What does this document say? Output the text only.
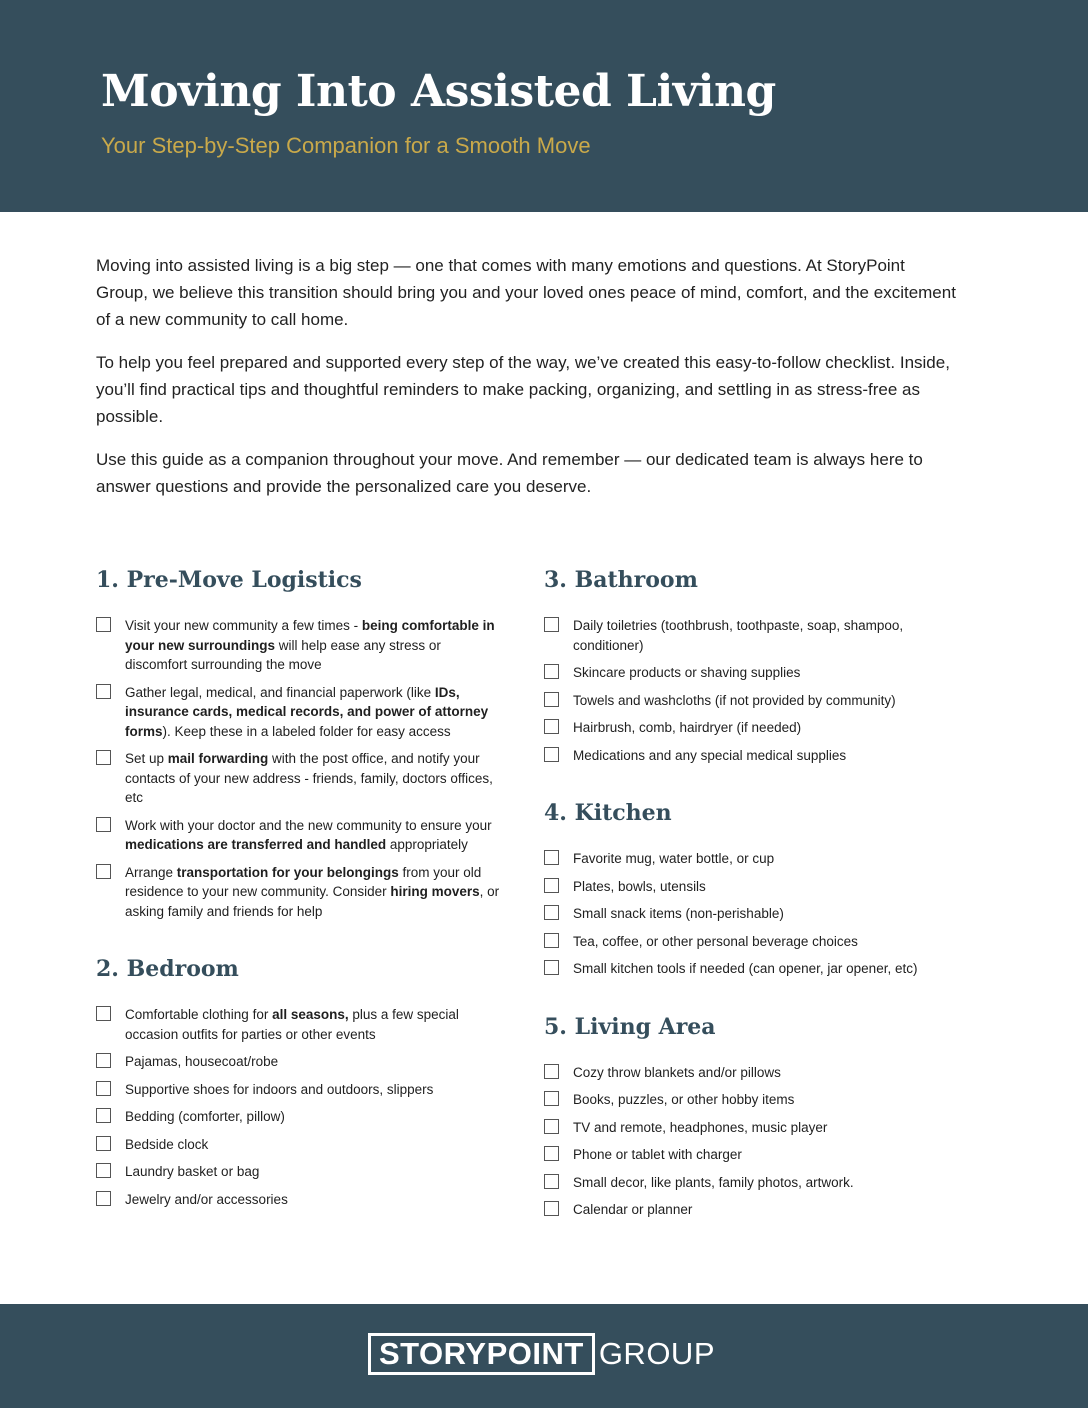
Moving Into Assisted Living

Your Step-by-Step Companion for a Smooth Move

Moving into assisted living is a big step — one that comes with many emotions and questions. At StoryPoint Group, we believe this transition should bring you and your loved ones peace of mind, comfort, and the excitement of a new community to call home.

To help you feel prepared and supported every step of the way, we’ve created this easy-to-follow checklist. Inside, you’ll find practical tips and thoughtful reminders to make packing, organizing, and settling in as stress-free as possible.

Use this guide as a companion throughout your move. And remember — our dedicated team is always here to answer questions and provide the personalized care you deserve.

1. Pre-Move Logistics
Visit your new community a few times - being comfortable in your new surroundings will help ease any stress or discomfort surrounding the move
Gather legal, medical, and financial paperwork (like IDs, insurance cards, medical records, and power of attorney forms). Keep these in a labeled folder for easy access
Set up mail forwarding with the post office, and notify your contacts of your new address - friends, family, doctors offices, etc
Work with your doctor and the new community to ensure your medications are transferred and handled appropriately
Arrange transportation for your belongings from your old residence to your new community. Consider hiring movers, or asking family and friends for help
2. Bedroom
Comfortable clothing for all seasons, plus a few special occasion outfits for parties or other events
Pajamas, housecoat/robe
Supportive shoes for indoors and outdoors, slippers
Bedding (comforter, pillow)
Bedside clock
Laundry basket or bag
Jewelry and/or accessories
3. Bathroom
Daily toiletries (toothbrush, toothpaste, soap, shampoo, conditioner)
Skincare products or shaving supplies
Towels and washcloths (if not provided by community)
Hairbrush, comb, hairdryer (if needed)
Medications and any special medical supplies
4. Kitchen
Favorite mug, water bottle, or cup
Plates, bowls, utensils
Small snack items (non-perishable)
Tea, coffee, or other personal beverage choices
Small kitchen tools if needed (can opener, jar opener, etc)
5. Living Area
Cozy throw blankets and/or pillows
Books, puzzles, or other hobby items
TV and remote, headphones, music player
Phone or tablet with charger
Small decor, like plants, family photos, artwork.
Calendar or planner
STORYPOINT GROUP
